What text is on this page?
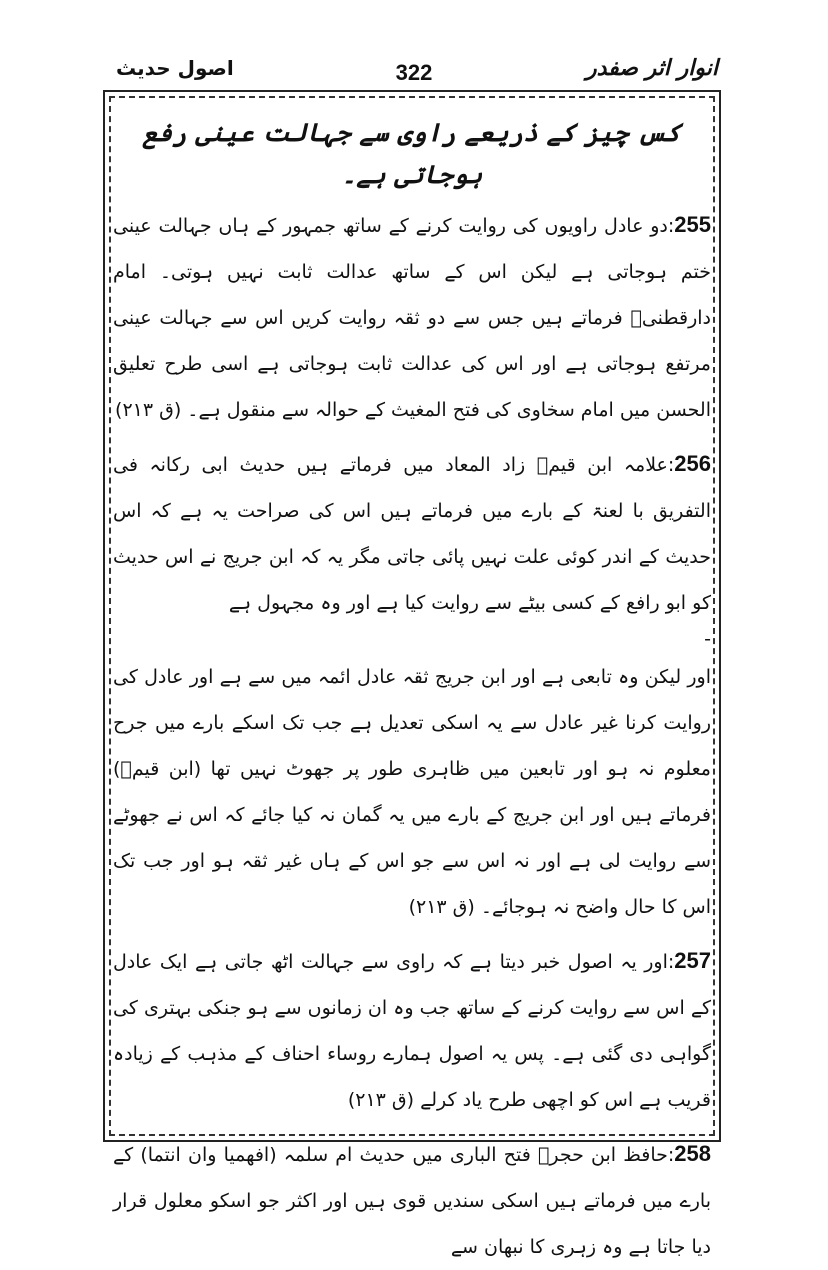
انوار اثر صفدر
322
اصول حدیث
کس چیز کے ذریعے راوی سے جہالت عینی رفع ہوجاتی ہے۔

255:دو عادل راویوں کی روایت کرنے کے ساتھ جمہور کے ہاں جہالت عینی ختم ہوجاتی ہے لیکن اس کے ساتھ عدالت ثابت نہیں ہوتی۔ امام دارقطنیؒ فرماتے ہیں جس سے دو ثقہ روایت کریں اس سے جہالت عینی مرتفع ہوجاتی ہے اور اس کی عدالت ثابت ہوجاتی ہے اسی طرح تعلیق الحسن میں امام سخاوی کی فتح المغیث کے حوالہ سے منقول ہے۔ (ق ۲۱۳)

256:علامہ ابن قیمؒ زاد المعاد میں فرماتے ہیں حدیث ابی رکانہ فی التفریق با لعنۃ کے بارے میں فرماتے ہیں اس کی صراحت یہ ہے کہ اس حدیث کے اندر کوئی علت نہیں پائی جاتی مگر یہ کہ ابن جریج نے اس حدیث کو ابو رافع کے کسی بیٹے سے روایت کیا ہے اور وہ مجہول ہے

-

اور لیکن وہ تابعی ہے اور ابن جریج ثقہ عادل ائمہ میں سے ہے اور عادل کی روایت کرنا غیر عادل سے یہ اسکی تعدیل ہے جب تک اسکے بارے میں جرح معلوم نہ ہو اور تابعین میں ظاہری طور پر جھوٹ نہیں تھا (ابن قیمؒ) فرماتے ہیں اور ابن جریج کے بارے میں یہ گمان نہ کیا جائے کہ اس نے جھوٹے سے روایت لی ہے اور نہ اس سے جو اس کے ہاں غیر ثقہ ہو اور جب تک اس کا حال واضح نہ ہوجائے۔ (ق ۲۱۳)

257:اور یہ اصول خبر دیتا ہے کہ راوی سے جہالت اٹھ جاتی ہے ایک عادل کے اس سے روایت کرنے کے ساتھ جب وہ ان زمانوں سے ہو جنکی بہتری کی گواہی دی گئی ہے۔ پس یہ اصول ہمارے روساء احناف کے مذہب کے زیادہ قریب ہے اس کو اچھی طرح یاد کرلے (ق ۲۱۳)

258:حافظ ابن حجرؒ فتح الباری میں حدیث ام سلمہ (افھمیا وان انتما) کے بارے میں فرماتے ہیں اسکی سندیں قوی ہیں اور اکثر جو اسکو معلول قرار دیا جاتا ہے وہ زہری کا نبھان سے
